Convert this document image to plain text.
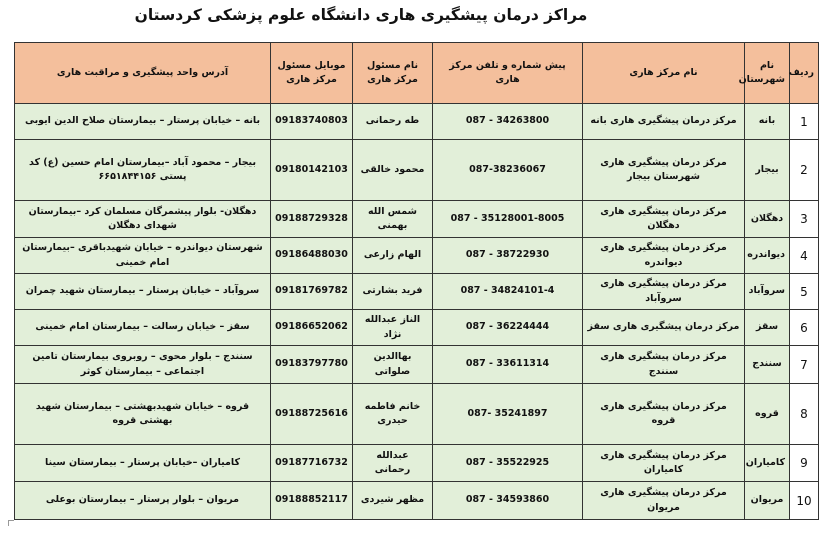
مراکز درمان پیشگیری هاری دانشگاه علوم پزشکی کردستان
ردیف	نام شهرستان	نام مرکز هاری	پیش شماره و تلفن مرکز هاری	نام مسئول مرکز هاری	موبایل مسئول مرکز هاری	آدرس واحد پیشگیری و مراقبت هاری
1	بانه	مرکز درمان پیشگیری هاری بانه	087 - 34263800	طه رحمانی	09183740803	بانه – خیابان پرستار – بیمارستان صلاح الدین ایوبی
2	بیجار	مرکز درمان پیشگیری هاری شهرستان بیجار	087-38236067	محمود خالقی	09180142103	بیجار – محمود آباد –بیمارستان امام حسین (ع) کد پستی ۶۶۵۱۸۴۴۱۵۶
3	دهگلان	مرکز درمان پیشگیری هاری دهگلان	087 - 35128001-8005	شمس الله بهمنی	09188729328	دهگلان- بلوار پیشمرگان مسلمان کرد –بیمارستان شهدای دهگلان
4	دیواندره	مرکز درمان پیشگیری هاری دیواندره	087 - 38722930	الهام زارعی	09186488030	شهرستان دیواندره – خیابان شهیدباقری –بیمارستان امام خمینی
5	سروآباد	مرکز درمان پیشگیری هاری سروآباد	087 - 34824101-4	فرید بشارتی	09181769782	سروآباد – خیابان پرستار – بیمارستان شهید چمران
6	سقز	مرکز درمان پیشگیری هاری سقز	087 - 36224444	الناز عبدالله نژاد	09186652062	سقز – خیابان رسالت – بیمارستان امام خمینی
7	سنندج	مرکز درمان پیشگیری هاری سنندج	087 - 33611314	بهاالدین صلواتی	09183797780	سنندج – بلوار محوی – روبروی بیمارستان تامین اجتماعی – بیمارستان کوثر
8	قروه	مرکز درمان پیشگیری هاری قروه	087- 35241897	خانم فاطمه حیدری	09188725616	قروه – خیابان شهیدبهشتی – بیمارستان شهید بهشتی قروه
9	کامیاران	مرکز درمان پیشگیری هاری کامیاران	087 - 35522925	عبدالله رحمانی	09187716732	کامیاران –خیابان پرستار – بیمارستان سینا
10	مریوان	مرکز درمان پیشگیری هاری مریوان	087 - 34593860	مظهر شیردی	09188852117	مریوان – بلوار پرستار – بیمارستان بوعلی
